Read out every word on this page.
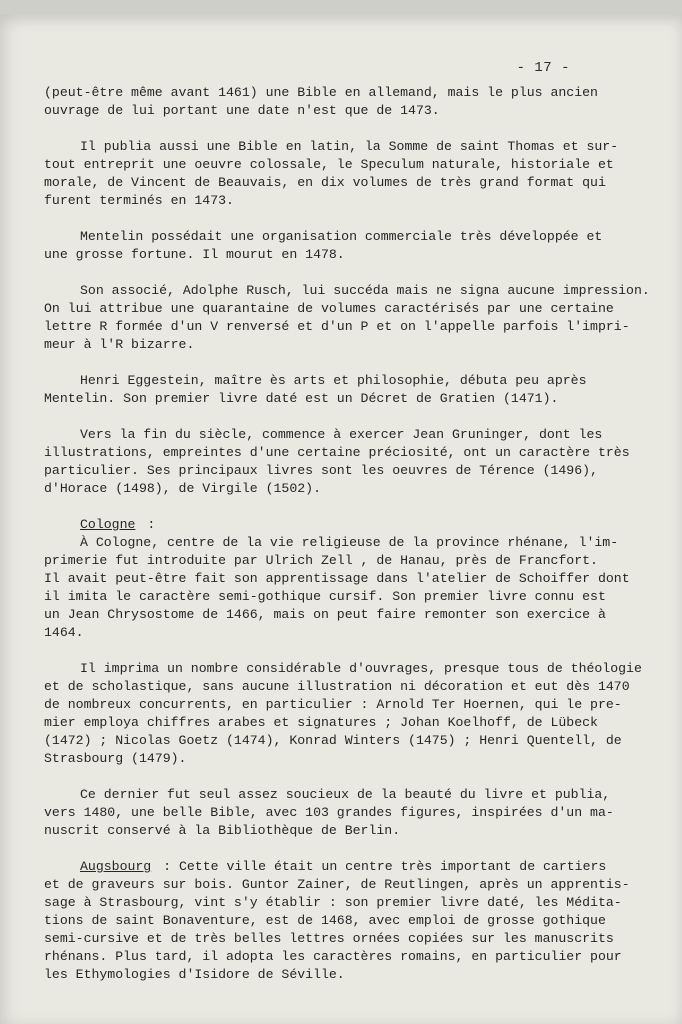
- 17 -
(peut-être même avant 1461) une Bible en allemand, mais le plus ancien
ouvrage de lui portant une date n'est que de 1473.
Il publia aussi une Bible en latin, la Somme de saint Thomas et sur-
tout entreprit une oeuvre colossale, le Speculum naturale, historiale et
morale, de Vincent de Beauvais, en dix volumes de très grand format qui
furent terminés en 1473.
Mentelin possédait une organisation commerciale très développée et
une grosse fortune. Il mourut en 1478.
Son associé, Adolphe Rusch, lui succéda mais ne signa aucune impression.
On lui attribue une quarantaine de volumes caractérisés par une certaine
lettre R formée d'un V renversé et d'un P et on l'appelle parfois l'impri-
meur à l'R bizarre.
Henri Eggestein, maître ès arts et philosophie, débuta peu après
Mentelin. Son premier livre daté est un Décret de Gratien (1471).
Vers la fin du siècle, commence à exercer Jean Gruninger, dont les
illustrations, empreintes d'une certaine préciosité, ont un caractère très
particulier. Ses principaux livres sont les oeuvres de Térence (1496),
d'Horace (1498), de Virgile (1502).
Cologne :
À Cologne, centre de la vie religieuse de la province rhénane, l'im-
primerie fut introduite par Ulrich Zell , de Hanau, près de Francfort.
Il avait peut-être fait son apprentissage dans l'atelier de Schoiffer dont
il imita le caractère semi-gothique cursif. Son premier livre connu est
un Jean Chrysostome de 1466, mais on peut faire remonter son exercice à
1464.
Il imprima un nombre considérable d'ouvrages, presque tous de théologie
et de scholastique, sans aucune illustration ni décoration et eut dès 1470
de nombreux concurrents, en particulier : Arnold Ter Hoernen, qui le pre-
mier employa chiffres arabes et signatures ; Johan Koelhoff, de Lübeck
(1472) ; Nicolas Goetz (1474), Konrad Winters (1475) ; Henri Quentell, de
Strasbourg (1479).
Ce dernier fut seul assez soucieux de la beauté du livre et publia,
vers 1480, une belle Bible, avec 103 grandes figures, inspirées d'un ma-
nuscrit conservé à la Bibliothèque de Berlin.
Augsbourg : Cette ville était un centre très important de cartiers
et de graveurs sur bois. Guntor Zainer, de Reutlingen, après un apprentis-
sage à Strasbourg, vint s'y établir : son premier livre daté, les Médita-
tions de saint Bonaventure, est de 1468, avec emploi de grosse gothique
semi-cursive et de très belles lettres ornées copiées sur les manuscrits
rhénans. Plus tard, il adopta les caractères romains, en particulier pour
les Ethymologies d'Isidore de Séville.
